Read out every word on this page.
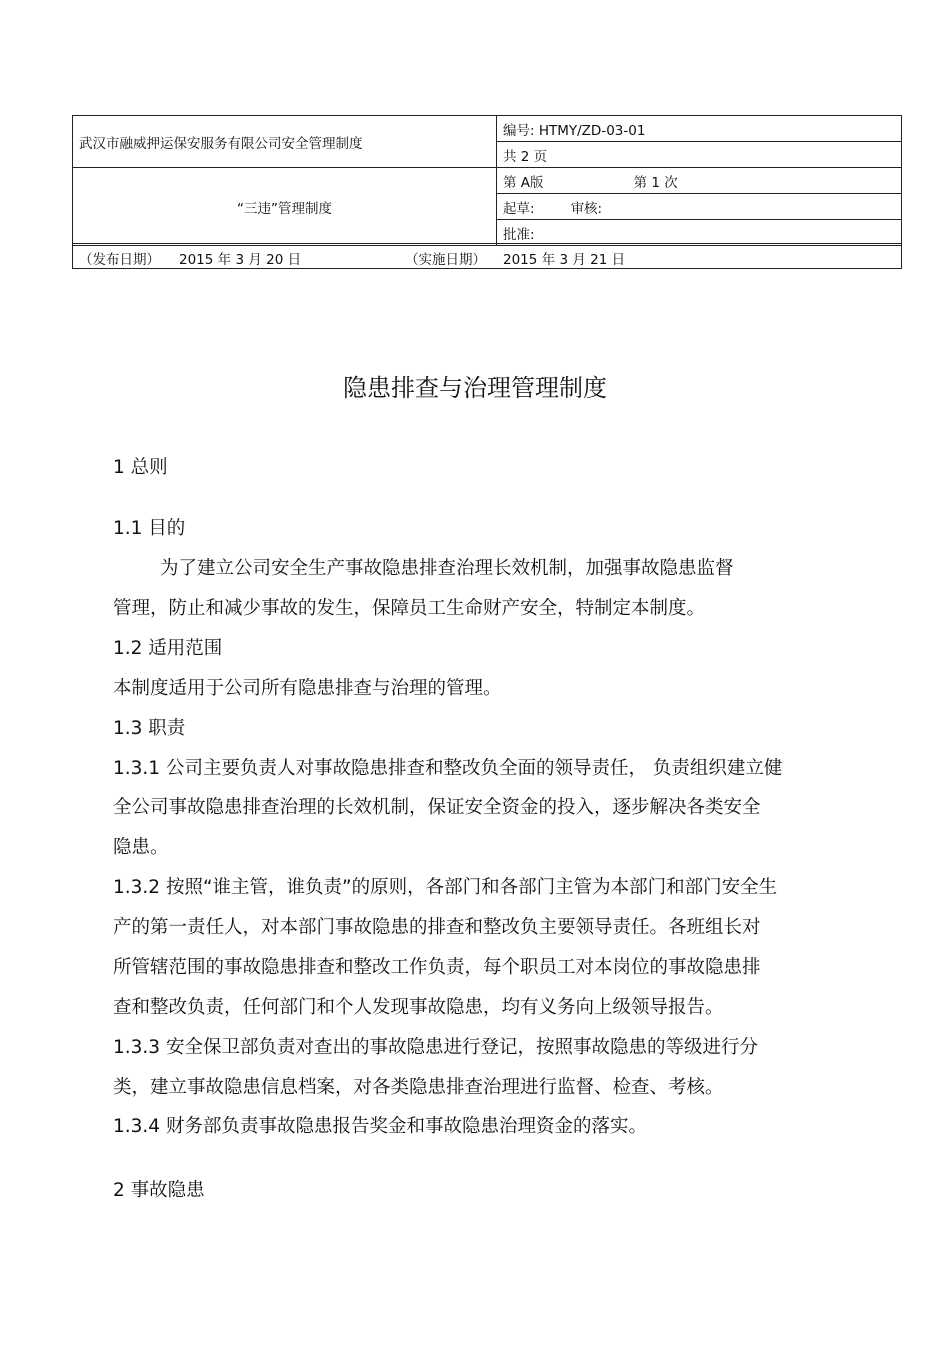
武汉市融威押运保安服务有限公司安全管理制度	编号: HTMY/ZD-03-01
	共 2 页
“三违”管理制度	第 A版 第 1 次
	起草: 审核:
	批准:
（发布日期） 2015 年 3 月 20 日	（实施日期） 2015 年 3 月 21 日
隐患排查与治理管理制度
1 总则
1.1 目的
为了建立公司安全生产事故隐患排查治理长效机制，加强事故隐患监督
管理，防止和减少事故的发生，保障员工生命财产安全，特制定本制度。
1.2 适用范围
本制度适用于公司所有隐患排查与治理的管理。
1.3 职责
1.3.1 公司主要负责人对事故隐患排查和整改负全面的领导责任， 负责组织建立健
全公司事故隐患排查治理的长效机制，保证安全资金的投入，逐步解决各类安全
隐患。
1.3.2 按照“谁主管，谁负责”的原则，各部门和各部门主管为本部门和部门安全生
产的第一责任人，对本部门事故隐患的排查和整改负主要领导责任。各班组长对
所管辖范围的事故隐患排查和整改工作负责，每个职员工对本岗位的事故隐患排
查和整改负责，任何部门和个人发现事故隐患，均有义务向上级领导报告。
1.3.3 安全保卫部负责对查出的事故隐患进行登记，按照事故隐患的等级进行分
类，建立事故隐患信息档案，对各类隐患排查治理进行监督、检查、考核。
1.3.4 财务部负责事故隐患报告奖金和事故隐患治理资金的落实。
2 事故隐患
